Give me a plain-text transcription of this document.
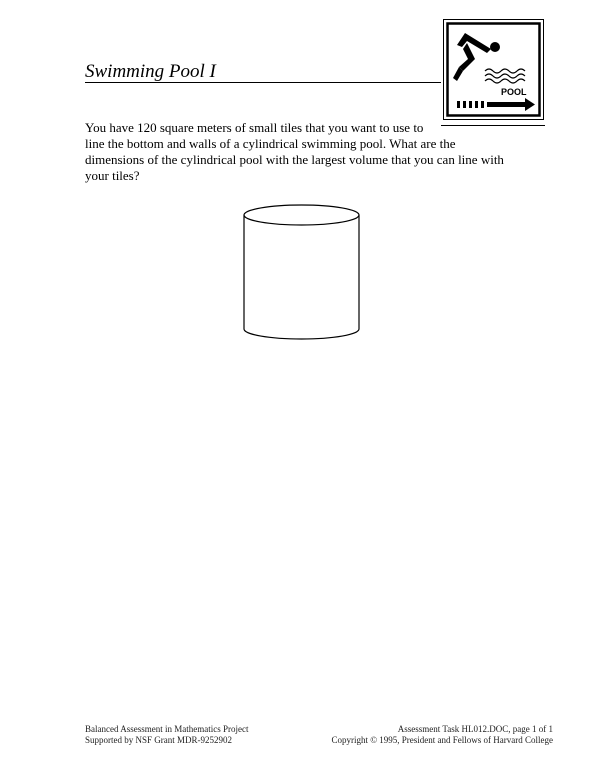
Swimming Pool I
POOL

You have 120 square meters of small tiles that you want to use to
line the bottom and walls of a cylindrical swimming pool. What are the
dimensions of the cylindrical pool with the largest volume that you can line with
your tiles?

Balanced Assessment in Mathematics Project
Supported by NSF Grant MDR-9252902
Assessment Task HL012.DOC, page 1 of 1
Copyright © 1995, President and Fellows of Harvard College
